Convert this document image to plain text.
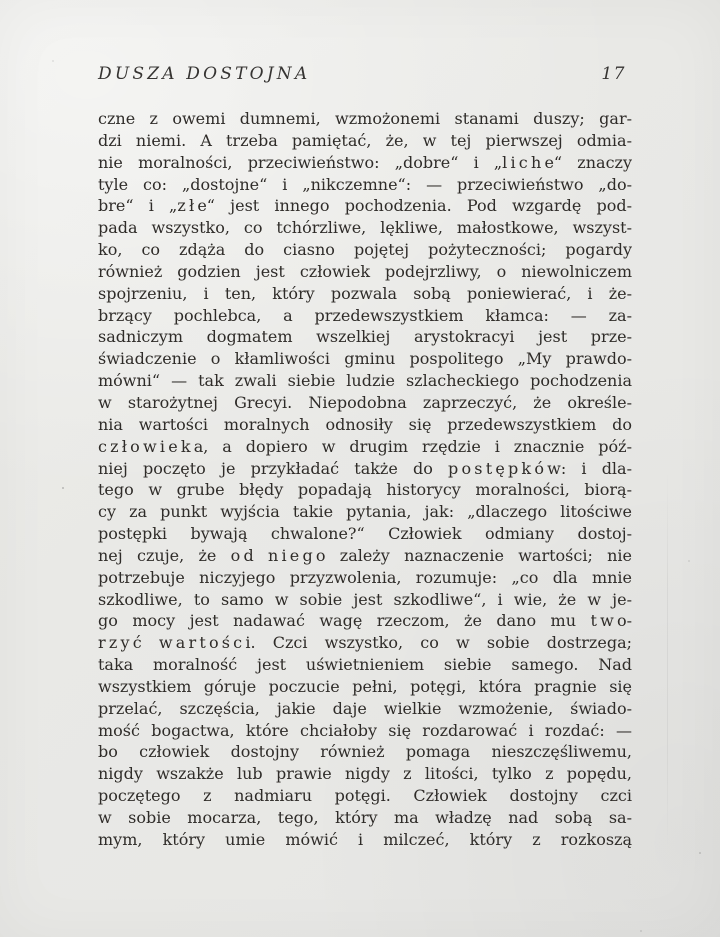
DUSZA DOSTOJNA	17
czne z owemi dumnemi, wzmożonemi stanami duszy; gar-
dzi niemi. A trzeba pamiętać, że, w tej pierwszej odmia-
nie moralności, przeciwieństwo: „dobre“ i „l i c h e“ znaczy
tyle co: „dostojne“ i „nikczemne“: — przeciwieństwo „do-
bre“ i „z ł e“ jest innego pochodzenia. Pod wzgardę pod-
pada wszystko, co tchórzliwe, lękliwe, małostkowe, wszyst-
ko, co zdąża do ciasno pojętej pożyteczności; pogardy
również godzien jest człowiek podejrzliwy, o niewolniczem
spojrzeniu, i ten, który pozwala sobą poniewierać, i że-
brzący pochlebca, a przedewszystkiem kłamca: — za-
sadniczym dogmatem wszelkiej arystokracyi jest prze-
świadczenie o kłamliwości gminu pospolitego „My prawdo-
mówni“ — tak zwali siebie ludzie szlacheckiego pochodzenia
w starożytnej Grecyi. Niepodobna zaprzeczyć, że określe-
nia wartości moralnych odnosiły się przedewszystkiem do
c z ł o w i e k a, a dopiero w drugim rzędzie i znacznie póź-
niej poczęto je przykładać także do p o s t ę p k ó w: i dla-
tego w grube błędy popadają historycy moralności, biorą-
cy za punkt wyjścia takie pytania, jak: „dlaczego litościwe
postępki bywają chwalone?“ Człowiek odmiany dostoj-
nej czuje, że o d n i e g o zależy naznaczenie wartości; nie
potrzebuje niczyjego przyzwolenia, rozumuje: „co dla mnie
szkodliwe, to samo w sobie jest szkodliwe“, i wie, że w je-
go mocy jest nadawać wagę rzeczom, że dano mu t w o-
r z y ć w a r t o ś c i. Czci wszystko, co w sobie dostrzega;
taka moralność jest uświetnieniem siebie samego. Nad
wszystkiem góruje poczucie pełni, potęgi, która pragnie się
przelać, szczęścia, jakie daje wielkie wzmożenie, świado-
mość bogactwa, które chciałoby się rozdarować i rozdać: —
bo człowiek dostojny również pomaga nieszczęśliwemu,
nigdy wszakże lub prawie nigdy z litości, tylko z popędu,
poczętego z nadmiaru potęgi. Człowiek dostojny czci
w sobie mocarza, tego, który ma władzę nad sobą sa-
mym, który umie mówić i milczeć, który z rozkoszą
